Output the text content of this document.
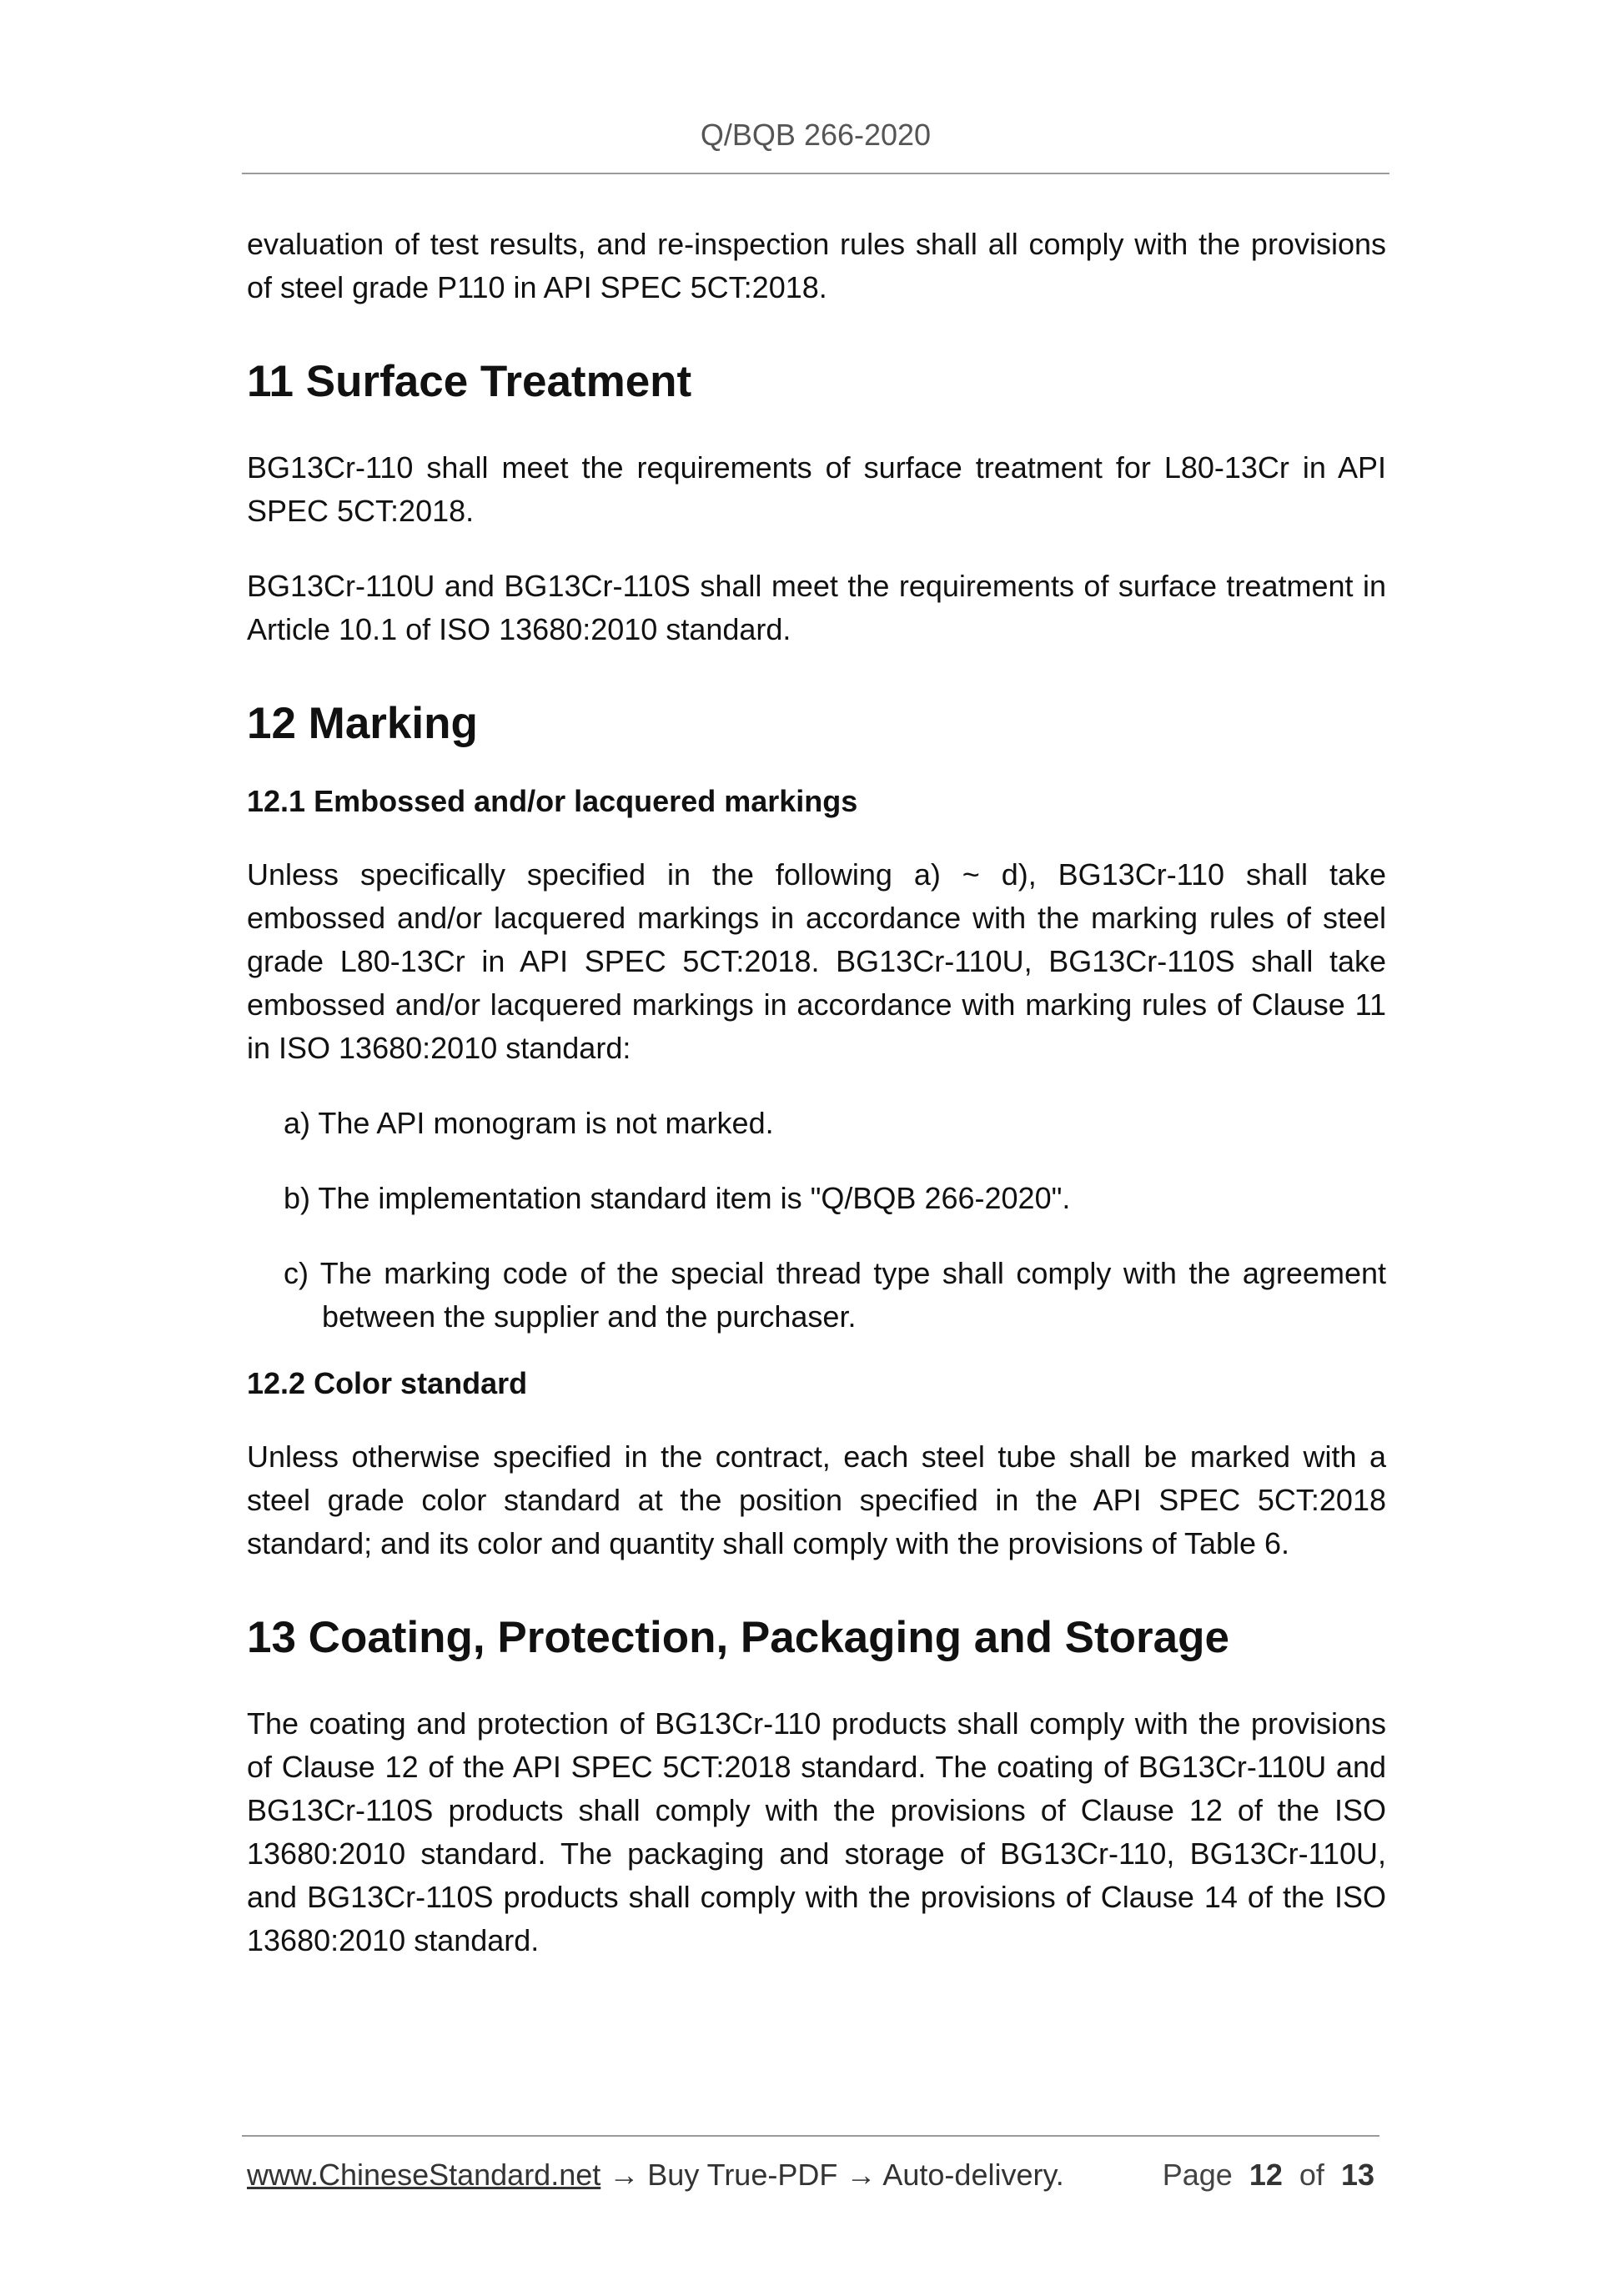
Q/BQB 266-2020

evaluation of test results, and re-inspection rules shall all comply with the provisions of steel grade P110 in API SPEC 5CT:2018.

11 Surface Treatment

BG13Cr-110 shall meet the requirements of surface treatment for L80-13Cr in API SPEC 5CT:2018.

BG13Cr-110U and BG13Cr-110S shall meet the requirements of surface treatment in Article 10.1 of ISO 13680:2010 standard.

12 Marking
12.1 Embossed and/or lacquered markings

Unless specifically specified in the following a) ~ d), BG13Cr-110 shall take embossed and/or lacquered markings in accordance with the marking rules of steel grade L80-13Cr in API SPEC 5CT:2018. BG13Cr-110U, BG13Cr-110S shall take embossed and/or lacquered markings in accordance with marking rules of Clause 11 in ISO 13680:2010 standard:

a) The API monogram is not marked.
b) The implementation standard item is "Q/BQB 266-2020".
c) The marking code of the special thread type shall comply with the agreement between the supplier and the purchaser.
12.2 Color standard

Unless otherwise specified in the contract, each steel tube shall be marked with a steel grade color standard at the position specified in the API SPEC 5CT:2018 standard; and its color and quantity shall comply with the provisions of Table 6.

13 Coating, Protection, Packaging and Storage

The coating and protection of BG13Cr-110 products shall comply with the provisions of Clause 12 of the API SPEC 5CT:2018 standard. The coating of BG13Cr-110U and BG13Cr-110S products shall comply with the provisions of Clause 12 of the ISO 13680:2010 standard. The packaging and storage of BG13Cr-110, BG13Cr-110U, and BG13Cr-110S products shall comply with the provisions of Clause 14 of the ISO 13680:2010 standard.

www.ChineseStandard.net → Buy True-PDF → Auto-delivery.	Page 12 of 13
